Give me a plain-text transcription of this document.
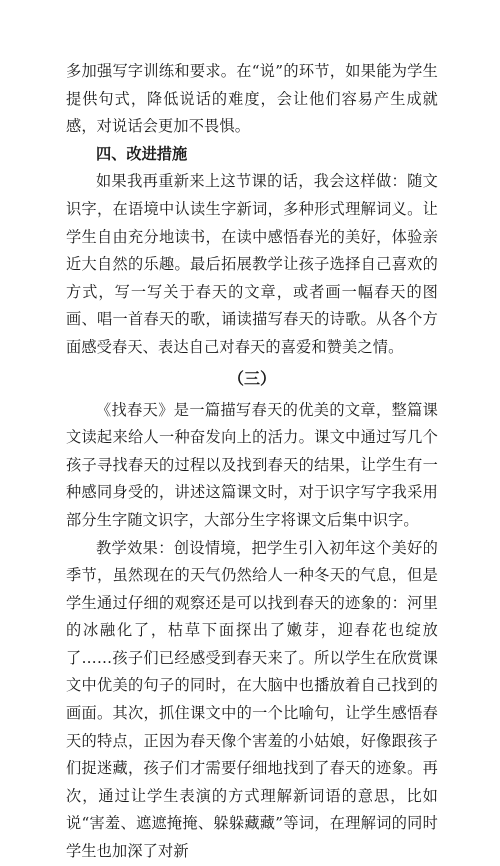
多加强写字训练和要求。在“说”的环节，如果能为学生提供句式，降低说话的难度，会让他们容易产生成就感，对说话会更加不畏惧。

四、改进措施

如果我再重新来上这节课的话，我会这样做：随文识字，在语境中认读生字新词，多种形式理解词义。让学生自由充分地读书，在读中感悟春光的美好，体验亲近大自然的乐趣。最后拓展教学让孩子选择自己喜欢的方式，写一写关于春天的文章，或者画一幅春天的图画、唱一首春天的歌，诵读描写春天的诗歌。从各个方面感受春天、表达自己对春天的喜爱和赞美之情。

（三）

《找春天》是一篇描写春天的优美的文章，整篇课文读起来给人一种奋发向上的活力。课文中通过写几个孩子寻找春天的过程以及找到春天的结果，让学生有一种感同身受的，讲述这篇课文时，对于识字写字我采用部分生字随文识字，大部分生字将课文后集中识字。

教学效果：创设情境，把学生引入初年这个美好的季节，虽然现在的天气仍然给人一种冬天的气息，但是学生通过仔细的观察还是可以找到春天的迹象的：河里的冰融化了，枯草下面探出了嫩芽，迎春花也绽放了……孩子们已经感受到春天来了。所以学生在欣赏课文中优美的句子的同时，在大脑中也播放着自己找到的画面。其次，抓住课文中的一个比喻句，让学生感悟春天的特点，正因为春天像个害羞的小姑娘，好像跟孩子们捉迷藏，孩子们才需要仔细地找到了春天的迹象。再次，通过让学生表演的方式理解新词语的意思，比如说“害羞、遮遮掩掩、躲躲藏藏”等词，在理解词的同时学生也加深了对新
